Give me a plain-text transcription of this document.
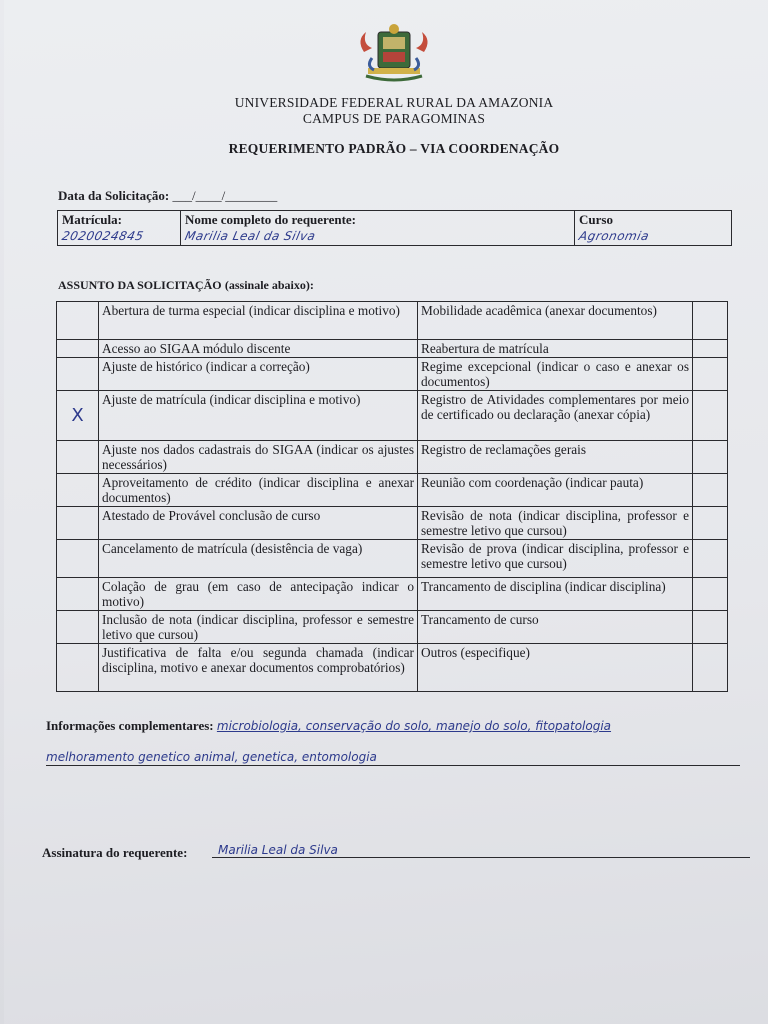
UNIVERSIDADE FEDERAL RURAL DA AMAZONIA
CAMPUS DE PARAGOMINAS
REQUERIMENTO PADRÃO – VIA COORDENAÇÃO
Data da Solicitação: ___/____/________
Matrícula:
2020024845

Nome completo do requerente:
Marilia Leal da Silva

Curso
Agronomia
ASSUNTO DA SOLICITAÇÃO (assinale abaixo):
	Abertura de turma especial (indicar disciplina e motivo)	Mobilidade acadêmica (anexar documentos)	
	Acesso ao SIGAA módulo discente	Reabertura de matrícula	
	Ajuste de histórico (indicar a correção)	Regime excepcional (indicar o caso e anexar os documentos)	
X	Ajuste de matrícula (indicar disciplina e motivo)	Registro de Atividades complementares por meio de certificado ou declaração (anexar cópia)	
	Ajuste nos dados cadastrais do SIGAA (indicar os ajustes necessários)	Registro de reclamações gerais	
	Aproveitamento de crédito (indicar disciplina e anexar documentos)	Reunião com coordenação (indicar pauta)	
	Atestado de Provável conclusão de curso	Revisão de nota (indicar disciplina, professor e semestre letivo que cursou)	
	Cancelamento de matrícula (desistência de vaga)	Revisão de prova (indicar disciplina, professor e semestre letivo que cursou)	
	Colação de grau (em caso de antecipação indicar o motivo)	Trancamento de disciplina (indicar disciplina)	
	Inclusão de nota (indicar disciplina, professor e semestre letivo que cursou)	Trancamento de curso	
	Justificativa de falta e/ou segunda chamada (indicar disciplina, motivo e anexar documentos comprobatórios)	Outros (especifique)	
Informações complementares: microbiologia, conservação do solo, manejo do solo, fitopatologia
melhoramento genetico animal, genetica, entomologia
Assinatura do requerente:	Marilia Leal da Silva
